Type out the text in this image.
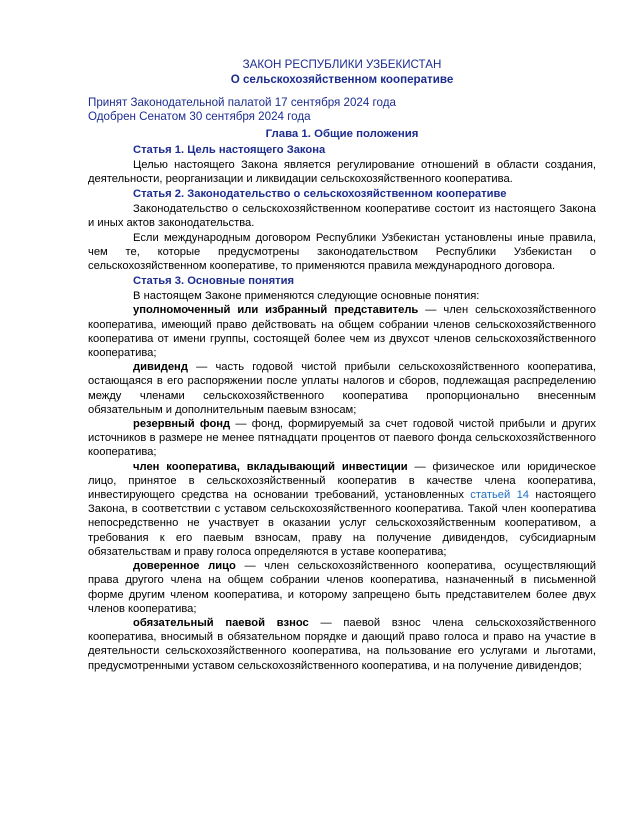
ЗАКОН РЕСПУБЛИКИ УЗБЕКИСТАН
О сельскохозяйственном кооперативе
Принят Законодательной палатой 17 сентября 2024 года
Одобрен Сенатом 30 сентября 2024 года
Глава 1. Общие положения
Статья 1. Цель настоящего Закона

Целью настоящего Закона является регулирование отношений в области создания, деятельности, реорганизации и ликвидации сельскохозяйственного кооператива.

Статья 2. Законодательство о сельскохозяйственном кооперативе

Законодательство о сельскохозяйственном кооперативе состоит из настоящего Закона и иных актов законодательства.

Если международным договором Республики Узбекистан установлены иные правила, чем те, которые предусмотрены законодательством Республики Узбекистан о сельскохозяйственном кооперативе, то применяются правила международного договора.

Статья 3. Основные понятия

В настоящем Законе применяются следующие основные понятия:

уполномоченный или избранный представитель — член сельскохозяйственного кооператива, имеющий право действовать на общем собрании членов сельскохозяйственного кооператива от имени группы, состоящей более чем из двухсот членов сельскохозяйственного кооператива;

дивиденд — часть годовой чистой прибыли сельскохозяйственного кооператива, остающаяся в его распоряжении после уплаты налогов и сборов, подлежащая распределению между членами сельскохозяйственного кооператива пропорционально внесенным обязательным и дополнительным паевым взносам;

резервный фонд — фонд, формируемый за счет годовой чистой прибыли и других источников в размере не менее пятнадцати процентов от паевого фонда сельскохозяйственного кооператива;

член кооператива, вкладывающий инвестиции — физическое или юридическое лицо, принятое в сельскохозяйственный кооператив в качестве члена кооператива, инвестирующего средства на основании требований, установленных статьей 14 настоящего Закона, в соответствии с уставом сельскохозяйственного кооператива. Такой член кооператива непосредственно не участвует в оказании услуг сельскохозяйственным кооперативом, а требования к его паевым взносам, праву на получение дивидендов, субсидиарным обязательствам и праву голоса определяются в уставе кооператива;

доверенное лицо — член сельскохозяйственного кооператива, осуществляющий права другого члена на общем собрании членов кооператива, назначенный в письменной форме другим членом кооператива, и которому запрещено быть представителем более двух членов кооператива;

обязательный паевой взнос — паевой взнос члена сельскохозяйственного кооператива, вносимый в обязательном порядке и дающий право голоса и право на участие в деятельности сельскохозяйственного кооператива, на пользование его услугами и льготами, предусмотренными уставом сельскохозяйственного кооператива, и на получение дивидендов;
